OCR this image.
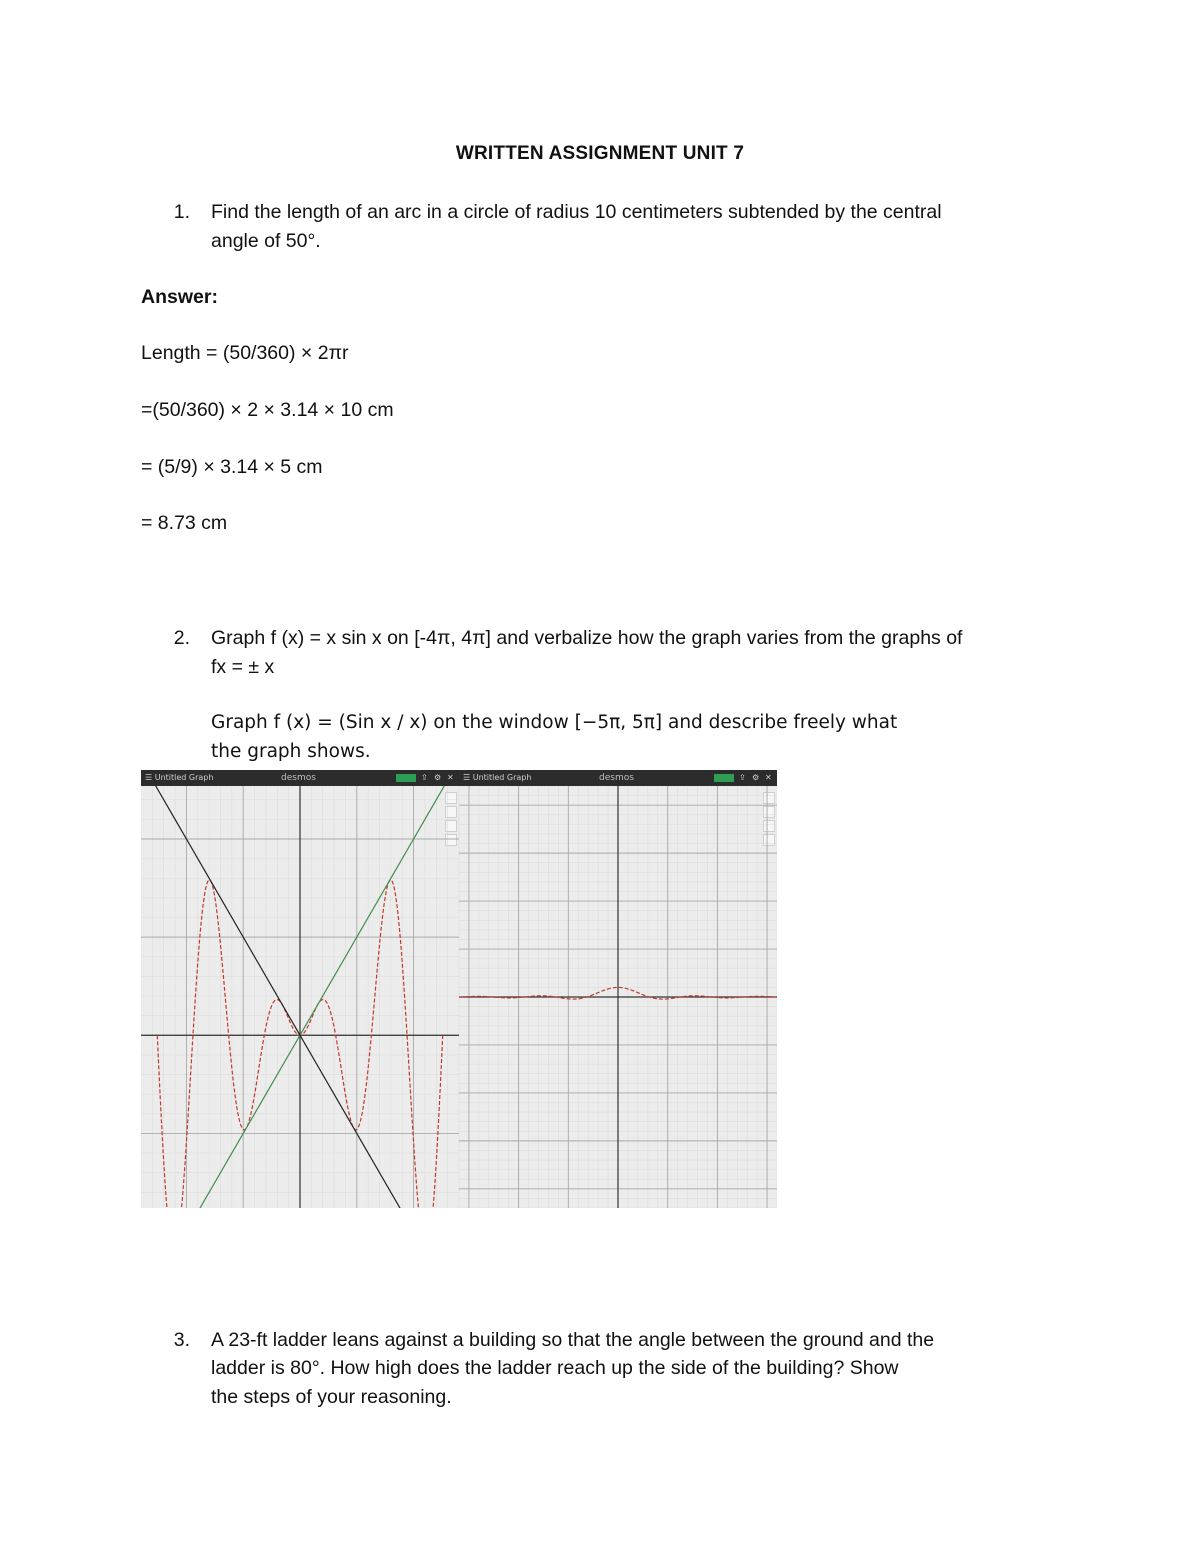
WRITTEN ASSIGNMENT UNIT 7
1. Find the length of an arc in a circle of radius 10 centimeters subtended by the central
angle of 50°.
Answer:
Length = (50/360) × 2πr
=(50/360) × 2 × 3.14 × 10 cm
= (5/9) × 3.14 × 5 cm
= 8.73 cm
2. Graph f (x) = x sin x on [-4π, 4π] and verbalize how the graph varies from the graphs of
fx = ± x
Graph f (x) = (Sin x / x) on the window [−5π, 5π] and describe freely what
the graph shows.
☰ Untitled Graph	desmos	⇪ ⚙ ✕ ☰ Untitled Graph	desmos	⇪ ⚙ ✕
3. A 23-ft ladder leans against a building so that the angle between the ground and the
ladder is 80°. How high does the ladder reach up the side of the building? Show
the steps of your reasoning.
